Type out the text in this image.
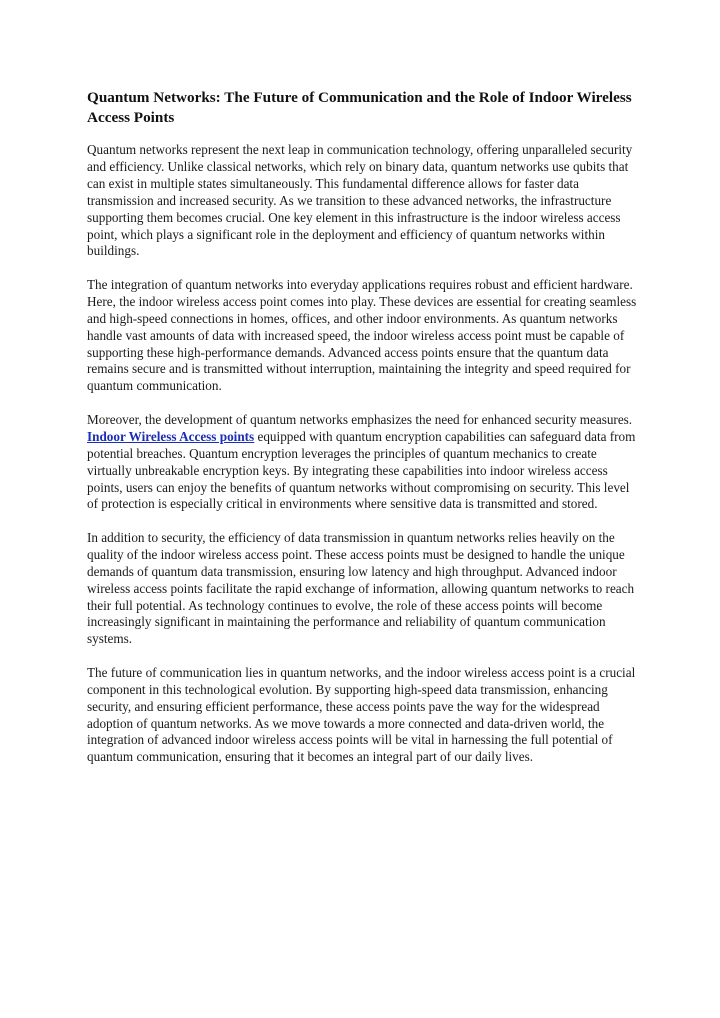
Quantum Networks: The Future of Communication and the Role of Indoor Wireless Access Points

Quantum networks represent the next leap in communication technology, offering unparalleled security and efficiency. Unlike classical networks, which rely on binary data, quantum networks use qubits that can exist in multiple states simultaneously. This fundamental difference allows for faster data transmission and increased security. As we transition to these advanced networks, the infrastructure supporting them becomes crucial. One key element in this infrastructure is the indoor wireless access point, which plays a significant role in the deployment and efficiency of quantum networks within buildings.

The integration of quantum networks into everyday applications requires robust and efficient hardware. Here, the indoor wireless access point comes into play. These devices are essential for creating seamless and high-speed connections in homes, offices, and other indoor environments. As quantum networks handle vast amounts of data with increased speed, the indoor wireless access point must be capable of supporting these high-performance demands. Advanced access points ensure that the quantum data remains secure and is transmitted without interruption, maintaining the integrity and speed required for quantum communication.

Moreover, the development of quantum networks emphasizes the need for enhanced security measures. Indoor Wireless Access points equipped with quantum encryption capabilities can safeguard data from potential breaches. Quantum encryption leverages the principles of quantum mechanics to create virtually unbreakable encryption keys. By integrating these capabilities into indoor wireless access points, users can enjoy the benefits of quantum networks without compromising on security. This level of protection is especially critical in environments where sensitive data is transmitted and stored.

In addition to security, the efficiency of data transmission in quantum networks relies heavily on the quality of the indoor wireless access point. These access points must be designed to handle the unique demands of quantum data transmission, ensuring low latency and high throughput. Advanced indoor wireless access points facilitate the rapid exchange of information, allowing quantum networks to reach their full potential. As technology continues to evolve, the role of these access points will become increasingly significant in maintaining the performance and reliability of quantum communication systems.

The future of communication lies in quantum networks, and the indoor wireless access point is a crucial component in this technological evolution. By supporting high-speed data transmission, enhancing security, and ensuring efficient performance, these access points pave the way for the widespread adoption of quantum networks. As we move towards a more connected and data-driven world, the integration of advanced indoor wireless access points will be vital in harnessing the full potential of quantum communication, ensuring that it becomes an integral part of our daily lives.
